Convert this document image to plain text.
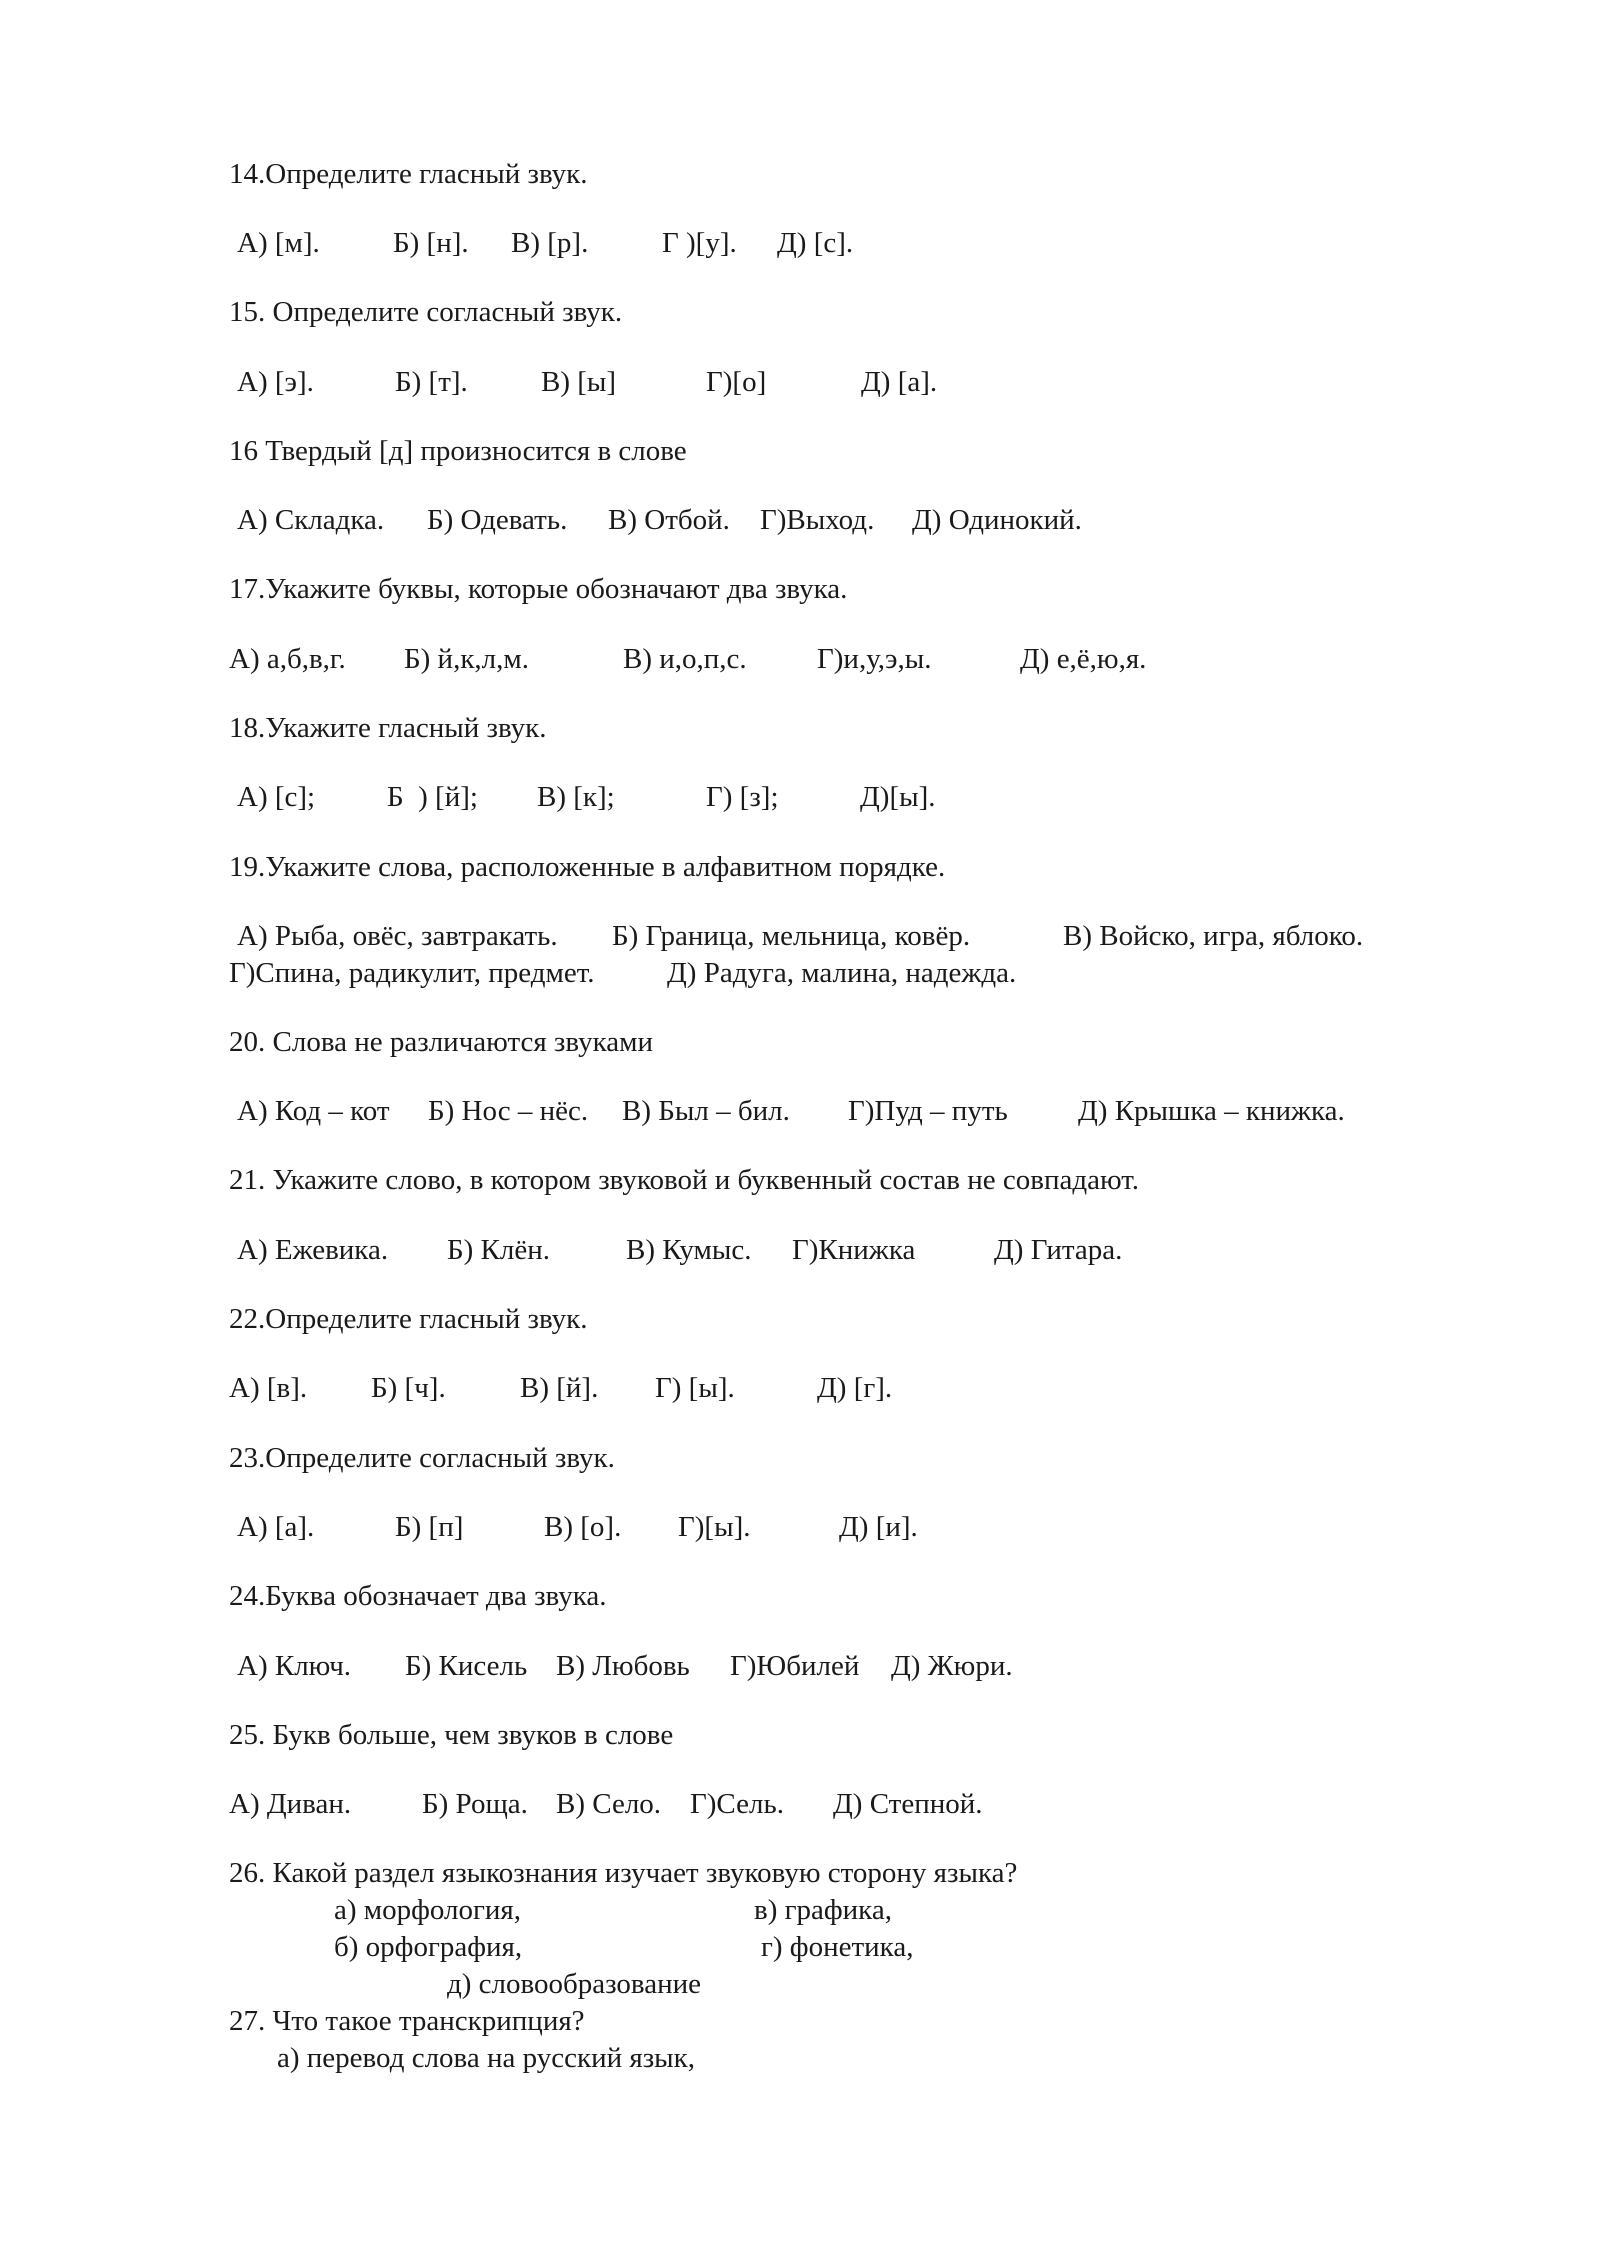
14.Определите гласный звук.
А) [м].	Б) [н]. В) [р].	Г )[у]. Д) [с].
15. Определите согласный звук.
А) [э].	Б) [т].	В) [ы]	Г)[о]	Д) [а].
16 Твердый [д] произносится в слове
А) Складка. Б) Одевать. В) Отбой. Г)Выход. Д) Одинокий.
17.Укажите буквы, которые обозначают два звука.
А) а,б,в,г. Б) й,к,л,м.	В) и,о,п,с. Г)и,у,э,ы.	Д) е,ё,ю,я.
18.Укажите гласный звук.
А) [с]; Б  ) [й]; В) [к];	Г) [з];	Д)[ы].
19.Укажите слова, расположенные в алфавитном порядке.
А) Рыба, овёс, завтракать. Б) Граница, мельница, ковёр.	В) Войско, игра, яблоко.
Г)Спина, радикулит, предмет.	Д) Радуга, малина, надежда.
20. Слова не различаются звуками
А) Код – кот Б) Нос – нёс. В) Был – бил. Г)Пуд – путь Д) Крышка – книжка.
21. Укажите слово, в котором звуковой и буквенный состав не совпадают.
А) Ежевика. Б) Клён.	В) Кумыс. Г)Книжка	Д) Гитара.
22.Определите гласный звук.
А) [в]. Б) [ч].	В) [й]. Г) [ы].	Д) [г].
23.Определите согласный звук.
А) [а].	Б) [п]	В) [о]. Г)[ы].	Д) [и].
24.Буква обозначает два звука.
А) Ключ. Б) Кисель В) Любовь Г)Юбилей Д) Жюри.
25. Букв больше, чем звуков в слове
А) Диван. Б) Роща. В) Село. Г)Сель. Д) Степной.
26. Какой раздел языкознания изучает звуковую сторону языка?
а) морфология,	в) графика,
б) орфография,	г) фонетика,
д) словообразование
27. Что такое транскрипция?
а) перевод слова на русский язык,
